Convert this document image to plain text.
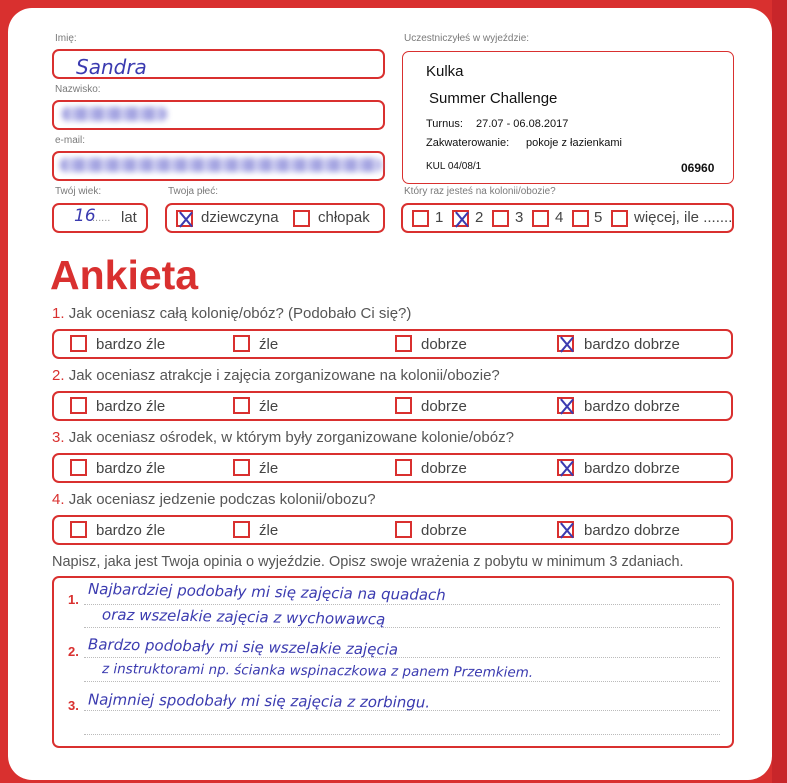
Imię:
Sandra
Nazwisko:
e-mail:
Twój wiek:
16
...... lat
Twoja płeć:
dziewczyna	chłopak
Uczestniczyłeś w wyjeździe:
Kulka
Summer Challenge
Turnus: 27.07 - 06.08.2017
Zakwaterowanie: pokoje z łazienkami
KUL 04/08/1	06960
Który raz jesteś na kolonii/obozie?
1 2 3 4 5 więcej, ile .......
Ankieta
1. Jak oceniasz całą kolonię/obóz? (Podobało Ci się?)
bardzo źle	źle	dobrze	bardzo dobrze
2. Jak oceniasz atrakcje i zajęcia zorganizowane na kolonii/obozie?
bardzo źle	źle	dobrze	bardzo dobrze
3. Jak oceniasz ośrodek, w którym były zorganizowane kolonie/obóz?
bardzo źle	źle	dobrze	bardzo dobrze
4. Jak oceniasz jedzenie podczas kolonii/obozu?
bardzo źle	źle	dobrze	bardzo dobrze
Napisz, jaka jest Twoja opinia o wyjeździe. Opisz swoje wrażenia z pobytu w minimum 3 zdaniach.
1.
2.
3.
Najbardziej podobały mi się zajęcia na quadach
oraz wszelakie zajęcia z wychowawcą
Bardzo podobały mi się wszelakie zajęcia
z instruktorami np. ścianka wspinaczkowa z panem Przemkiem.
Najmniej spodobały mi się zajęcia z zorbingu.
